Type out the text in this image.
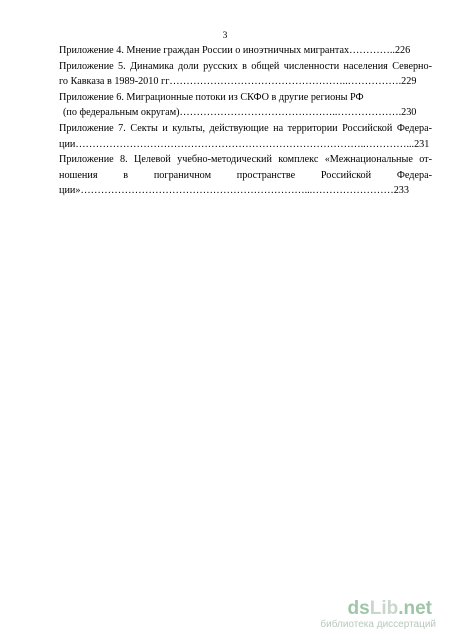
3
Приложение 4. Мнение граждан России о иноэтничных мигрантах…………..226
Приложение 5. Динамика доли русских в общей численности населения Северно-
го Кавказа в 1989-2010 гг……………………………………………..…………….229
Приложение 6. Миграционные потоки из СКФО в другие регионы РФ
(по федеральным округам)………………………………………..……………….230
Приложение 7. Секты и культы, действующие на территории Российской Федера-
ции…………………………………………………………………………..…………...231
Приложение 8. Целевой учебно-методический комплекс «Межнациональные от-
ношения в пограничном пространстве Российской Федера-
ции»…………………………………………………………...……………………233
dsLib.net
библиотека диссертаций
